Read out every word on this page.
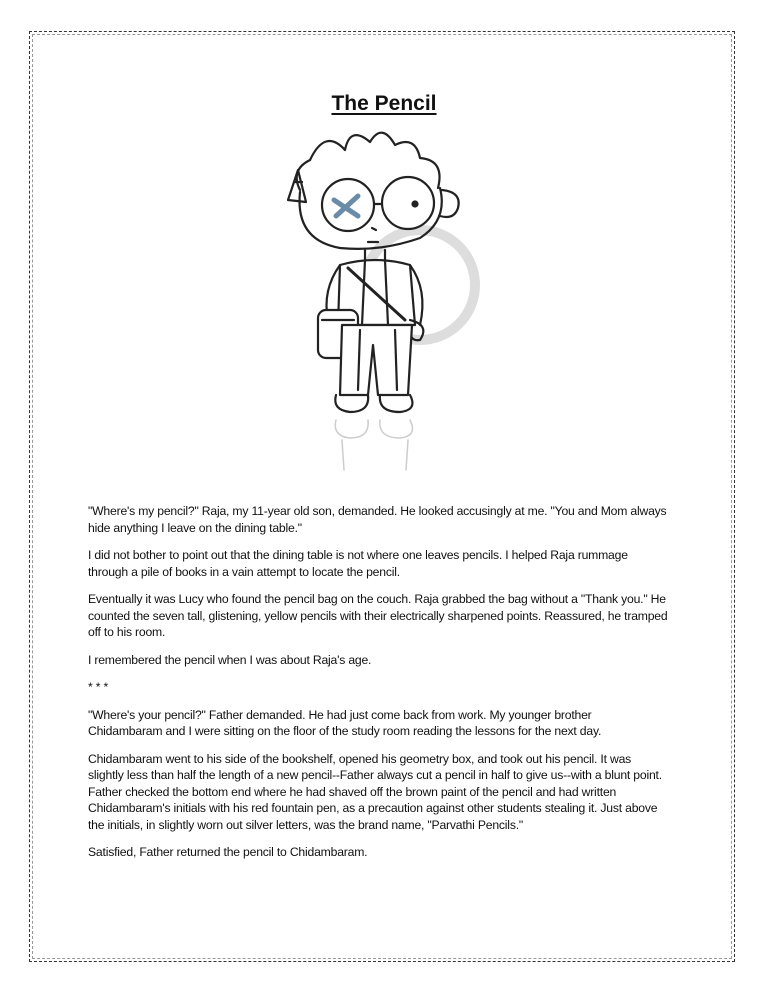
The Pencil

"Where's my pencil?" Raja, my 11-year old son, demanded. He looked accusingly at me. "You and Mom always hide anything I leave on the dining table."

I did not bother to point out that the dining table is not where one leaves pencils. I helped Raja rummage through a pile of books in a vain attempt to locate the pencil.

Eventually it was Lucy who found the pencil bag on the couch. Raja grabbed the bag without a "Thank you." He counted the seven tall, glistening, yellow pencils with their electrically sharpened points. Reassured, he tramped off to his room.

I remembered the pencil when I was about Raja's age.

* * *

"Where's your pencil?" Father demanded. He had just come back from work. My younger brother Chidambaram and I were sitting on the floor of the study room reading the lessons for the next day.

Chidambaram went to his side of the bookshelf, opened his geometry box, and took out his pencil. It was slightly less than half the length of a new pencil--Father always cut a pencil in half to give us--with a blunt point. Father checked the bottom end where he had shaved off the brown paint of the pencil and had written Chidambaram's initials with his red fountain pen, as a precaution against other students stealing it. Just above the initials, in slightly worn out silver letters, was the brand name, "Parvathi Pencils."

Satisfied, Father returned the pencil to Chidambaram.
